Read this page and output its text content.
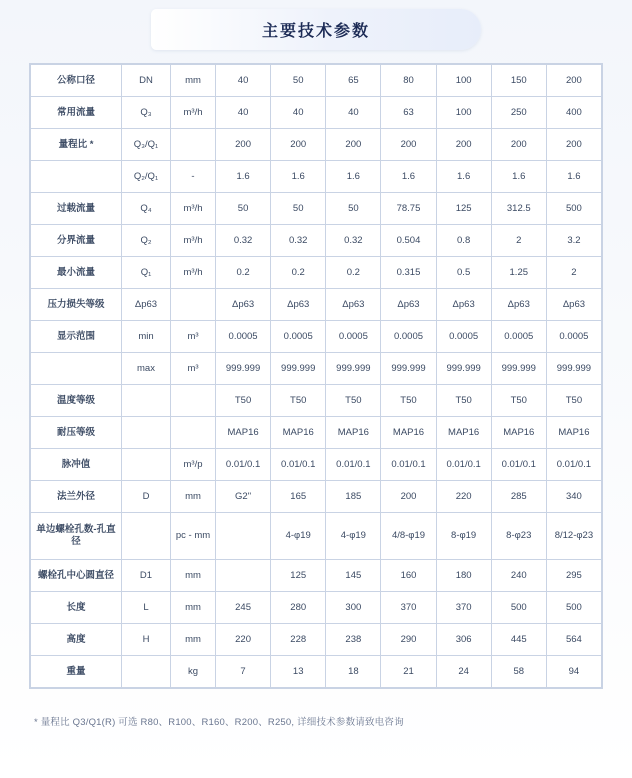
主要技术参数
公称口径	DN	mm	40	50	65	80	100	150	200
常用流量	Q₃	m³/h	40	40	40	63	100	250	400
量程比 *	Q₃/Q₁		200	200	200	200	200	200	200
	Q₂/Q₁	-	1.6	1.6	1.6	1.6	1.6	1.6	1.6
过载流量	Q₄	m³/h	50	50	50	78.75	125	312.5	500
分界流量	Q₂	m³/h	0.32	0.32	0.32	0.504	0.8	2	3.2
最小流量	Q₁	m³/h	0.2	0.2	0.2	0.315	0.5	1.25	2
压力损失等级	Δp63		Δp63	Δp63	Δp63	Δp63	Δp63	Δp63	Δp63
显示范围	min	m³	0.0005	0.0005	0.0005	0.0005	0.0005	0.0005	0.0005
	max	m³	999.999	999.999	999.999	999.999	999.999	999.999	999.999
温度等级			T50	T50	T50	T50	T50	T50	T50
耐压等级			MAP16	MAP16	MAP16	MAP16	MAP16	MAP16	MAP16
脉冲值		m³/p	0.01/0.1	0.01/0.1	0.01/0.1	0.01/0.1	0.01/0.1	0.01/0.1	0.01/0.1
法兰外径	D	mm	G2"	165	185	200	220	285	340
单边螺栓孔数-孔直径		pc - mm		4-φ19	4-φ19	4/8-φ19	8-φ19	8-φ23	8/12-φ23
螺栓孔中心圆直径	D1	mm		125	145	160	180	240	295
长度	L	mm	245	280	300	370	370	500	500
高度	H	mm	220	228	238	290	306	445	564
重量		kg	7	13	18	21	24	58	94
* 量程比 Q3/Q1(R) 可选 R80、R100、R160、R200、R250, 详细技术参数请致电咨询
